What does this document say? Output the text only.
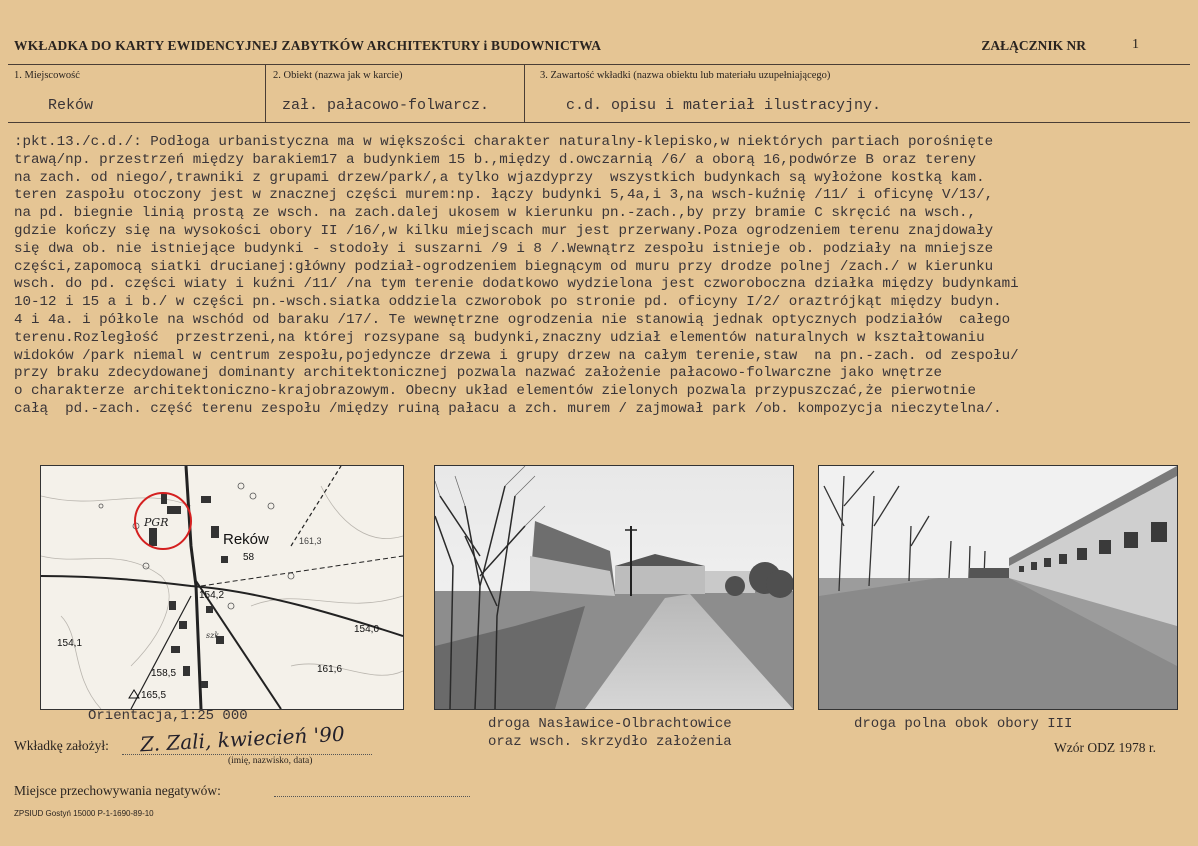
WKŁADKA DO KARTY EWIDENCYJNEJ ZABYTKÓW ARCHITEKTURY i BUDOWNICTWA	ZAŁĄCZNIK NR	1
1. Miejscowość
Reków
2. Obiekt (nazwa jak w karcie)
zał. pałacowo-folwarcz.
3. Zawartość wkładki (nazwa obiektu lub materiału uzupełniającego)
c.d. opisu i materiał ilustracyjny.
:pkt.13./c.d./: Podłoga urbanistyczna ma w większości charakter naturalny-klepisko,w niektórych partiach porośnięte
trawą/np. przestrzeń między barakiem17 a budynkiem 15 b.,między d.owczarnią /6/ a oborą 16,podwórze B oraz tereny
na zach. od niego/,trawniki z grupami drzew/park/,a tylko wjazdyprzy  wszystkich budynkach są wyłożone kostką kam.
teren zaspołu otoczony jest w znacznej części murem:np. łączy budynki 5,4a,i 3,na wsch-kuźnię /11/ i oficynę V/13/,
na pd. biegnie linią prostą ze wsch. na zach.dalej ukosem w kierunku pn.-zach.,by przy bramie C skręcić na wsch.,
gdzie kończy się na wysokości obory II /16/,w kilku miejscach mur jest przerwany.Poza ogrodzeniem terenu znajdowały
się dwa ob. nie istniejące budynki - stodoły i suszarni /9 i 8 /.Wewnątrz zespołu istnieje ob. podziały na mniejsze
części,zapomocą siatki drucianej:główny podział-ogrodzeniem biegnącym od muru przy drodze polnej /zach./ w kierunku
wsch. do pd. części wiaty i kuźni /11/ /na tym terenie dodatkowo wydzielona jest czworoboczna działka między budynkami
10-12 i 15 a i b./ w części pn.-wsch.siatka oddziela czworobok po stronie pd. oficyny I/2/ oraztrójkąt między budyn.
4 i 4a. i półkole na wschód od baraku /17/. Te wewnętrzne ogrodzenia nie stanowią jednak optycznych podziałów  całego
terenu.Rozległość  przestrzeni,na której rozsypane są budynki,znaczny udział elementów naturalnych w kształtowaniu
widoków /park niemal w centrum zespołu,pojedyncze drzewa i grupy drzew na całym terenie,staw  na pn.-zach. od zespołu/
przy braku zdecydowanej dominanty architektonicznej pozwala nazwać założenie pałacowo-folwarczne jako wnętrze
o charakterze architektoniczno-krajobrazowym. Obecny układ elementów zielonych pozwala przypuszczać,że pierwotnie
całą  pd.-zach. część terenu zespołu /między ruiną pałacu a zch. murem / zajmował park /ob. kompozycja nieczytelna/.
PGR
Reków
58
154,2
154,0
154,1
161,6
158,5
165,5
161,3
szk
Orientacja,1:25 000	droga Nasławice-Olbrachtowice
oraz wsch. skrzydło założenia
droga polna obok obory III
Wkładkę założył: Z. Zali, kwiecień '90
(imię, nazwisko, data)
Wzór ODZ 1978 r.
Miejsce przechowywania negatywów:
ZPSIUD Gostyń 15000 P-1-1690-89-10
